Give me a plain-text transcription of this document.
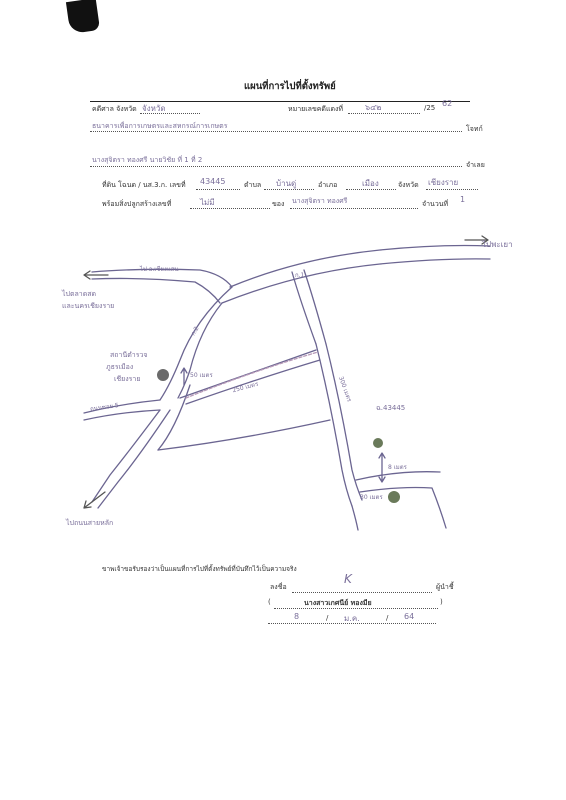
แผนที่การไปที่ตั้งทรัพย์
คดีศาล จังหวัด จังหวัด	หมายเลขคดีแดงที่	๖๔๒	/25 62
ธนาคารเพื่อการเกษตรและสหกรณ์การเกษตร	โจทก์
นางสุจิตรา ทองศรี นายวิชัย ที่ 1 ที่ 2
จำเลย
ที่ดิน โฉนด / นส.3.ก. เลขที่ 43445	ตำบล บ้านดู่	อำเภอ	เมือง	จังหวัด เชียงราย
พร้อมสิ่งปลูกสร้างเลขที่	ไม่มี	ของ นางสุจิตรา ทองศรี	จำนวนที่ 1
ไปพะเยา
ไป อ.เชียงแสน
ไปตลาดสด
และนครเชียงราย
สถานีตำรวจ
ภูธรเมือง
เชียงราย
ก.1
ก.2
ถนนซอย 5
50 เมตร
250 เมตร	300 เมตร
ฉ.43445
8 เมตร
30 เมตร
ไปถนนสายหลัก
ขาพเจ้าขอรับรองว่าเป็นแผนที่การไปที่ตั้งทรัพย์ที่บันทึกไว้เป็นความจริง
ลงชื่อ
K
ผู้นำชี้
(	นางสาวเกศนีย์ ทองมีย	)
8	/ ม.ค.	/ 64
